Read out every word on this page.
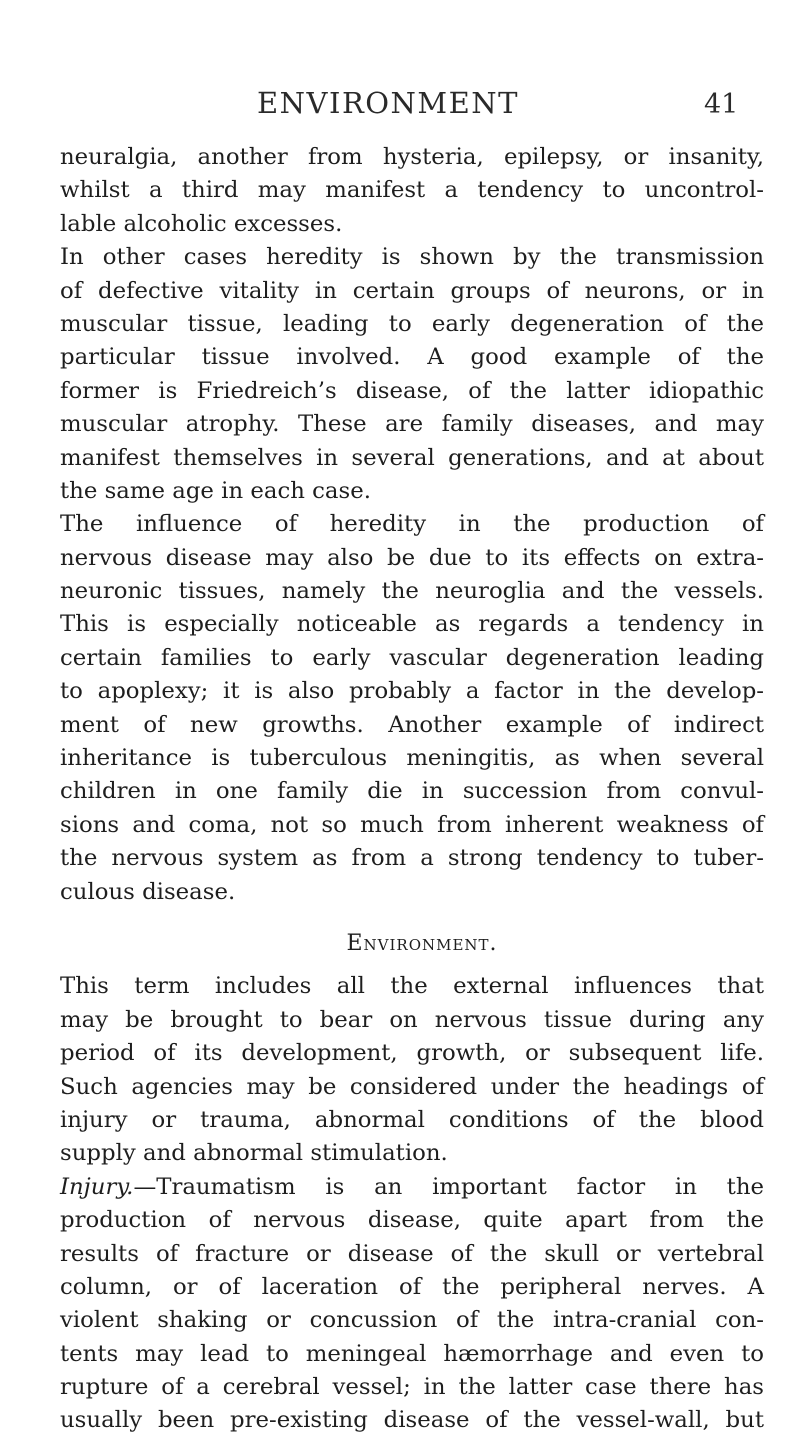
ENVIRONMENT	41
neuralgia, another from hysteria, epilepsy, or insanity,
whilst a third may manifest a tendency to uncontrol-
lable alcoholic excesses.
In other cases heredity is shown by the transmission
of defective vitality in certain groups of neurons, or in
muscular tissue, leading to early degeneration of the
particular tissue involved. A good example of the
former is Friedreich’s disease, of the latter idiopathic
muscular atrophy. These are family diseases, and may
manifest themselves in several generations, and at about
the same age in each case.
The influence of heredity in the production of
nervous disease may also be due to its effects on extra-
neuronic tissues, namely the neuroglia and the vessels.
This is especially noticeable as regards a tendency in
certain families to early vascular degeneration leading
to apoplexy; it is also probably a factor in the develop-
ment of new growths. Another example of indirect
inheritance is tuberculous meningitis, as when several
children in one family die in succession from convul-
sions and coma, not so much from inherent weakness of
the nervous system as from a strong tendency to tuber-
culous disease.
Environment.
This term includes all the external influences that
may be brought to bear on nervous tissue during any
period of its development, growth, or subsequent life.
Such agencies may be considered under the headings of
injury or trauma, abnormal conditions of the blood
supply and abnormal stimulation.
Injury.—Traumatism is an important factor in the
production of nervous disease, quite apart from the
results of fracture or disease of the skull or vertebral
column, or of laceration of the peripheral nerves. A
violent shaking or concussion of the intra-cranial con-
tents may lead to meningeal hæmorrhage and even to
rupture of a cerebral vessel; in the latter case there has
usually been pre-existing disease of the vessel-wall, but
